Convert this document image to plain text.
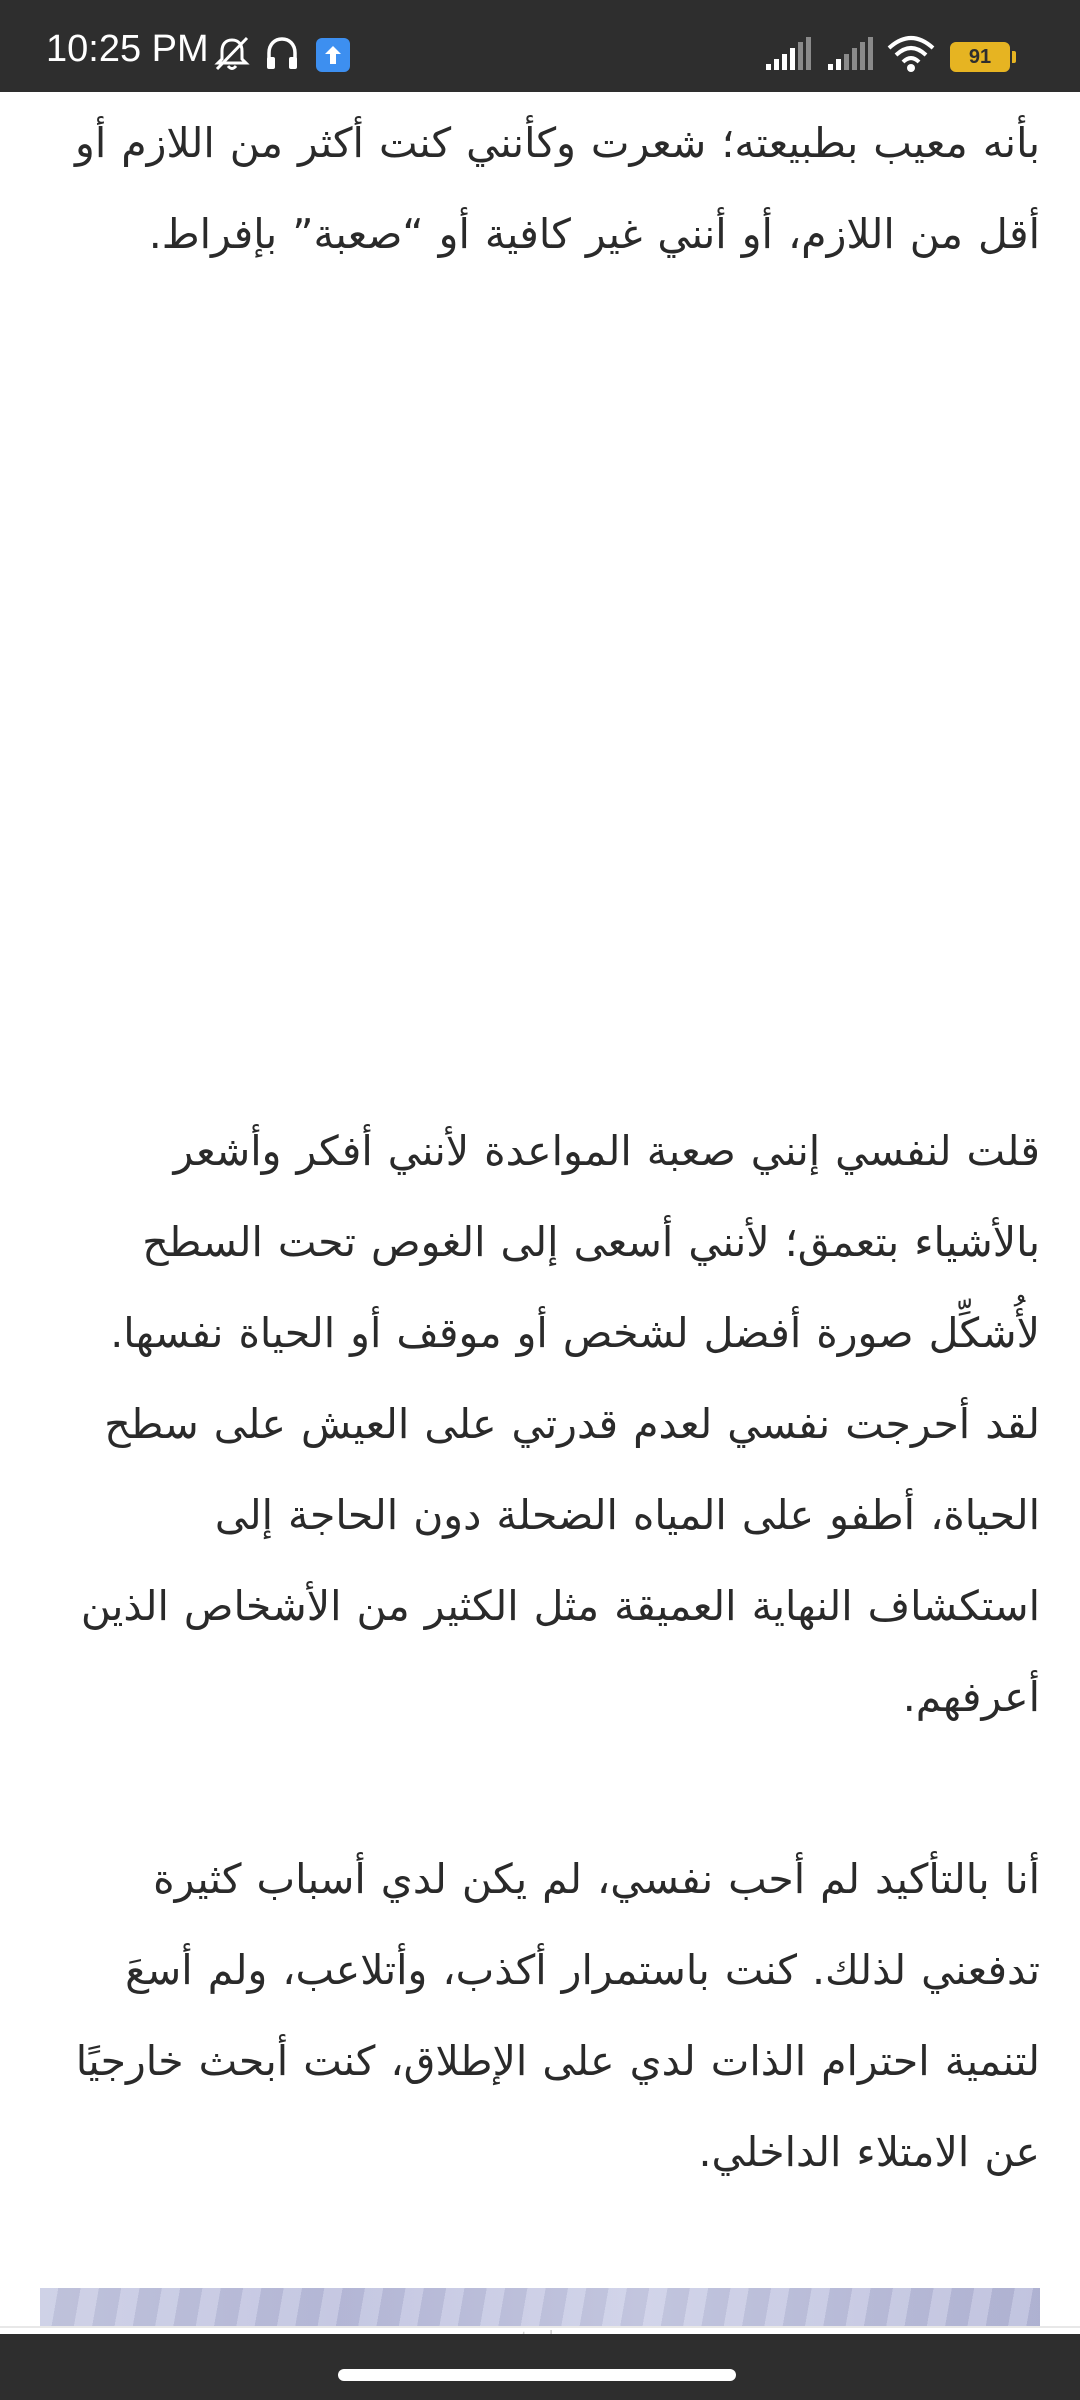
10:25 PM	91
بأنه معيب بطبيعته؛ شعرت وكأنني كنت أكثر من اللازم أو
أقل من اللازم، أو أنني غير كافية أو “صعبة” بإفراط.
قلت لنفسي إنني صعبة المواعدة لأنني أفكر وأشعر
بالأشياء بتعمق؛ لأنني أسعى إلى الغوص تحت السطح
لأُشكِّل صورة أفضل لشخص أو موقف أو الحياة نفسها.
لقد أحرجت نفسي لعدم قدرتي على العيش على سطح
الحياة، أطفو على المياه الضحلة دون الحاجة إلى
استكشاف النهاية العميقة مثل الكثير من الأشخاص الذين
أعرفهم.
أنا بالتأكيد لم أحب نفسي، لم يكن لدي أسباب كثيرة
تدفعني لذلك. كنت باستمرار أكذب، وأتلاعب، ولم أسعَ
لتنمية احترام الذات لدي على الإطلاق، كنت أبحث خارجيًا
عن الامتلاء الداخلي.
